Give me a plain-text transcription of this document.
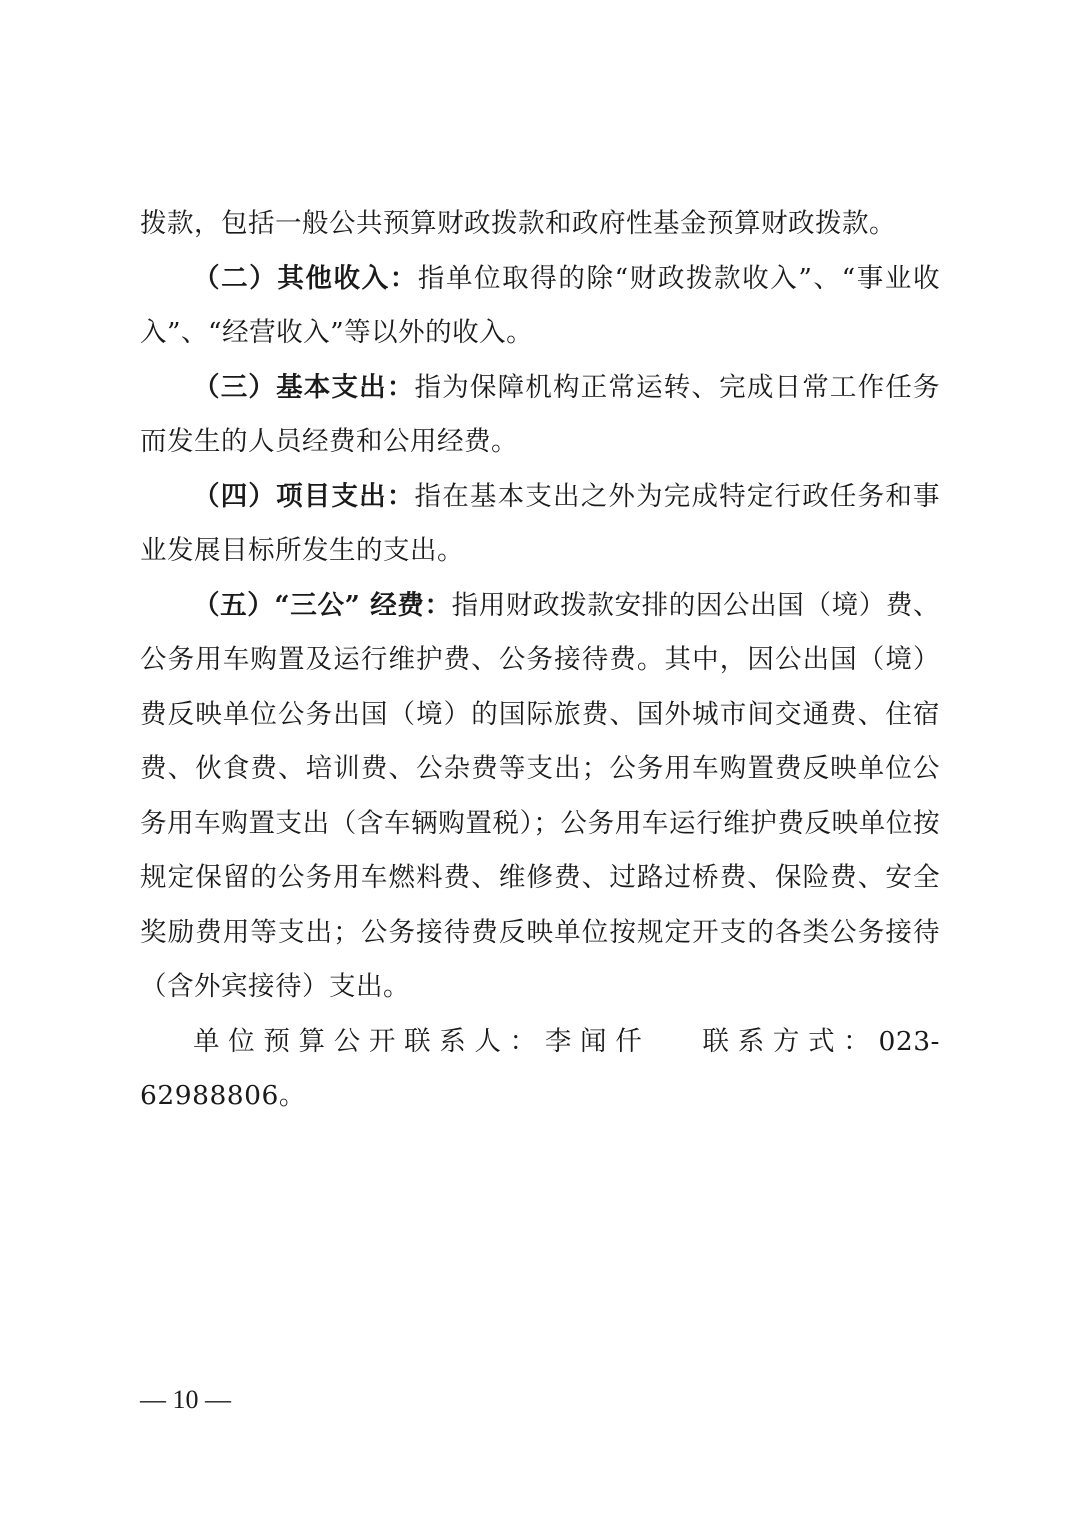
拨款，包括一般公共预算财政拨款和政府性基金预算财政拨款。

（二）其他收入：指单位取得的除“财政拨款收入”、“事业收入”、“经营收入”等以外的收入。

（三）基本支出：指为保障机构正常运转、完成日常工作任务而发生的人员经费和公用经费。

（四）项目支出：指在基本支出之外为完成特定行政任务和事业发展目标所发生的支出。

（五）“三公” 经费：指用财政拨款安排的因公出国（境）费、公务用车购置及运行维护费、公务接待费。其中，因公出国（境）费反映单位公务出国（境）的国际旅费、国外城市间交通费、住宿费、伙食费、培训费、公杂费等支出；公务用车购置费反映单位公务用车购置支出（含车辆购置税）；公务用车运行维护费反映单位按规定保留的公务用车燃料费、维修费、过路过桥费、保险费、安全奖励费用等支出；公务接待费反映单位按规定开支的各类公务接待（含外宾接待）支出。

单位预算公开联系人：李闻仟 联系方式：023-62988806。

— 10 —
